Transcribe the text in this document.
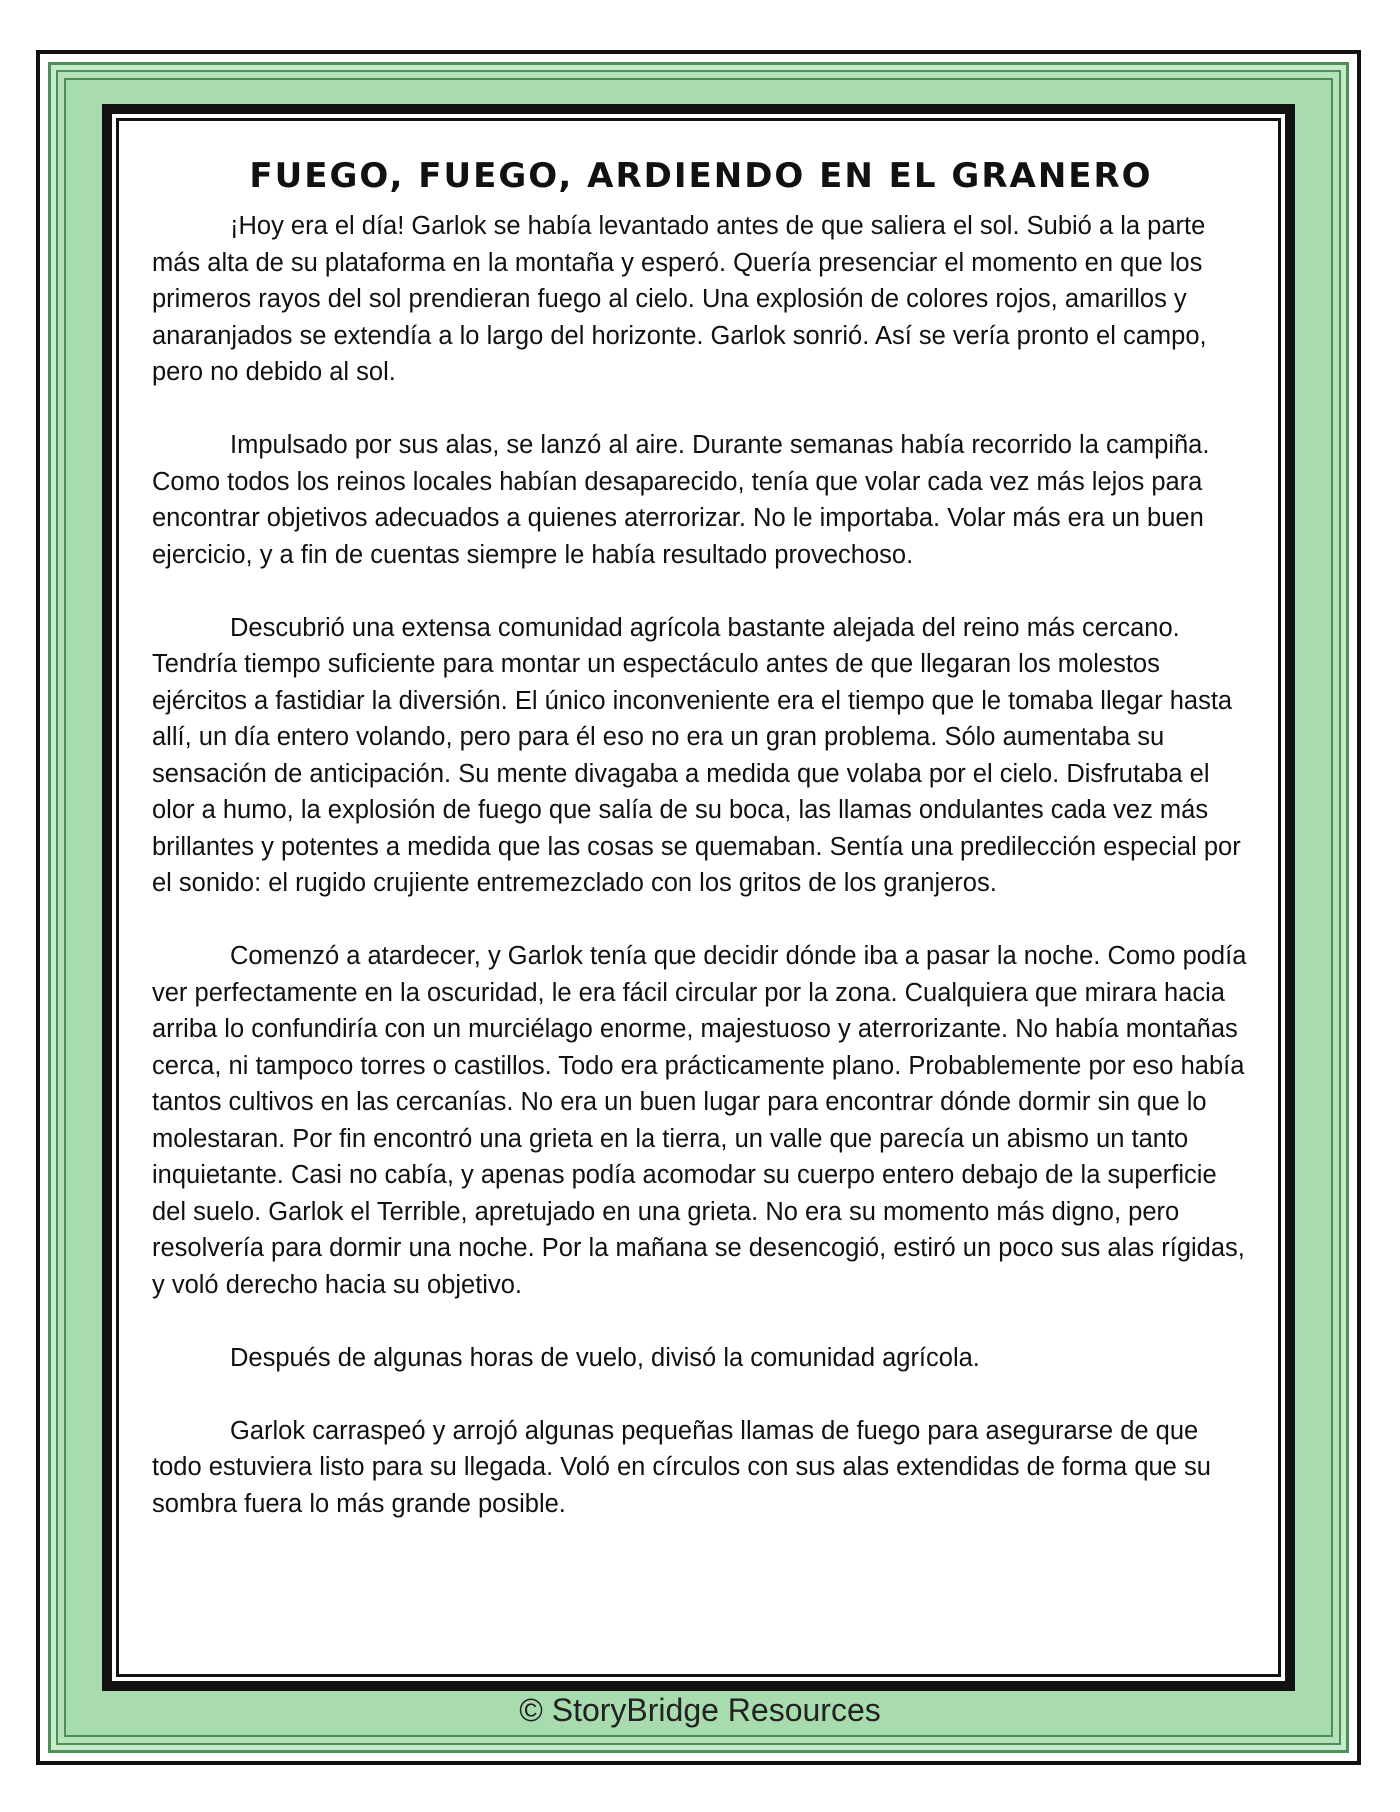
FUEGO, FUEGO, ARDIENDO EN EL GRANERO

¡Hoy era el día! Garlok se había levantado antes de que saliera el sol. Subió a la parte más alta de su plataforma en la montaña y esperó. Quería presenciar el momento en que los primeros rayos del sol prendieran fuego al cielo. Una explosión de colores rojos, amarillos y anaranjados se extendía a lo largo del horizonte. Garlok sonrió. Así se vería pronto el campo, pero no debido al sol.

Impulsado por sus alas, se lanzó al aire. Durante semanas había recorrido la campiña. Como todos los reinos locales habían desaparecido, tenía que volar cada vez más lejos para encontrar objetivos adecuados a quienes aterrorizar. No le importaba. Volar más era un buen ejercicio, y a fin de cuentas siempre le había resultado provechoso.

Descubrió una extensa comunidad agrícola bastante alejada del reino más cercano. Tendría tiempo suficiente para montar un espectáculo antes de que llegaran los molestos ejércitos a fastidiar la diversión. El único inconveniente era el tiempo que le tomaba llegar hasta allí, un día entero volando, pero para él eso no era un gran problema. Sólo aumentaba su sensación de anticipación. Su mente divagaba a medida que volaba por el cielo. Disfrutaba el olor a humo, la explosión de fuego que salía de su boca, las llamas ondulantes cada vez más brillantes y potentes a medida que las cosas se quemaban. Sentía una predilección especial por el sonido: el rugido crujiente entremezclado con los gritos de los granjeros.

Comenzó a atardecer, y Garlok tenía que decidir dónde iba a pasar la noche. Como podía ver perfectamente en la oscuridad, le era fácil circular por la zona. Cualquiera que mirara hacia arriba lo confundiría con un murciélago enorme, majestuoso y aterrorizante. No había montañas cerca, ni tampoco torres o castillos. Todo era prácticamente plano. Probablemente por eso había tantos cultivos en las cercanías. No era un buen lugar para encontrar dónde dormir sin que lo molestaran. Por fin encontró una grieta en la tierra, un valle que parecía un abismo un tanto inquietante. Casi no cabía, y apenas podía acomodar su cuerpo entero debajo de la superficie del suelo. Garlok el Terrible, apretujado en una grieta. No era su momento más digno, pero resolvería para dormir una noche. Por la mañana se desencogió, estiró un poco sus alas rígidas, y voló derecho hacia su objetivo.

Después de algunas horas de vuelo, divisó la comunidad agrícola.

Garlok carraspeó y arrojó algunas pequeñas llamas de fuego para asegurarse de que todo estuviera listo para su llegada. Voló en círculos con sus alas extendidas de forma que su sombra fuera lo más grande posible.

© StoryBridge Resources
